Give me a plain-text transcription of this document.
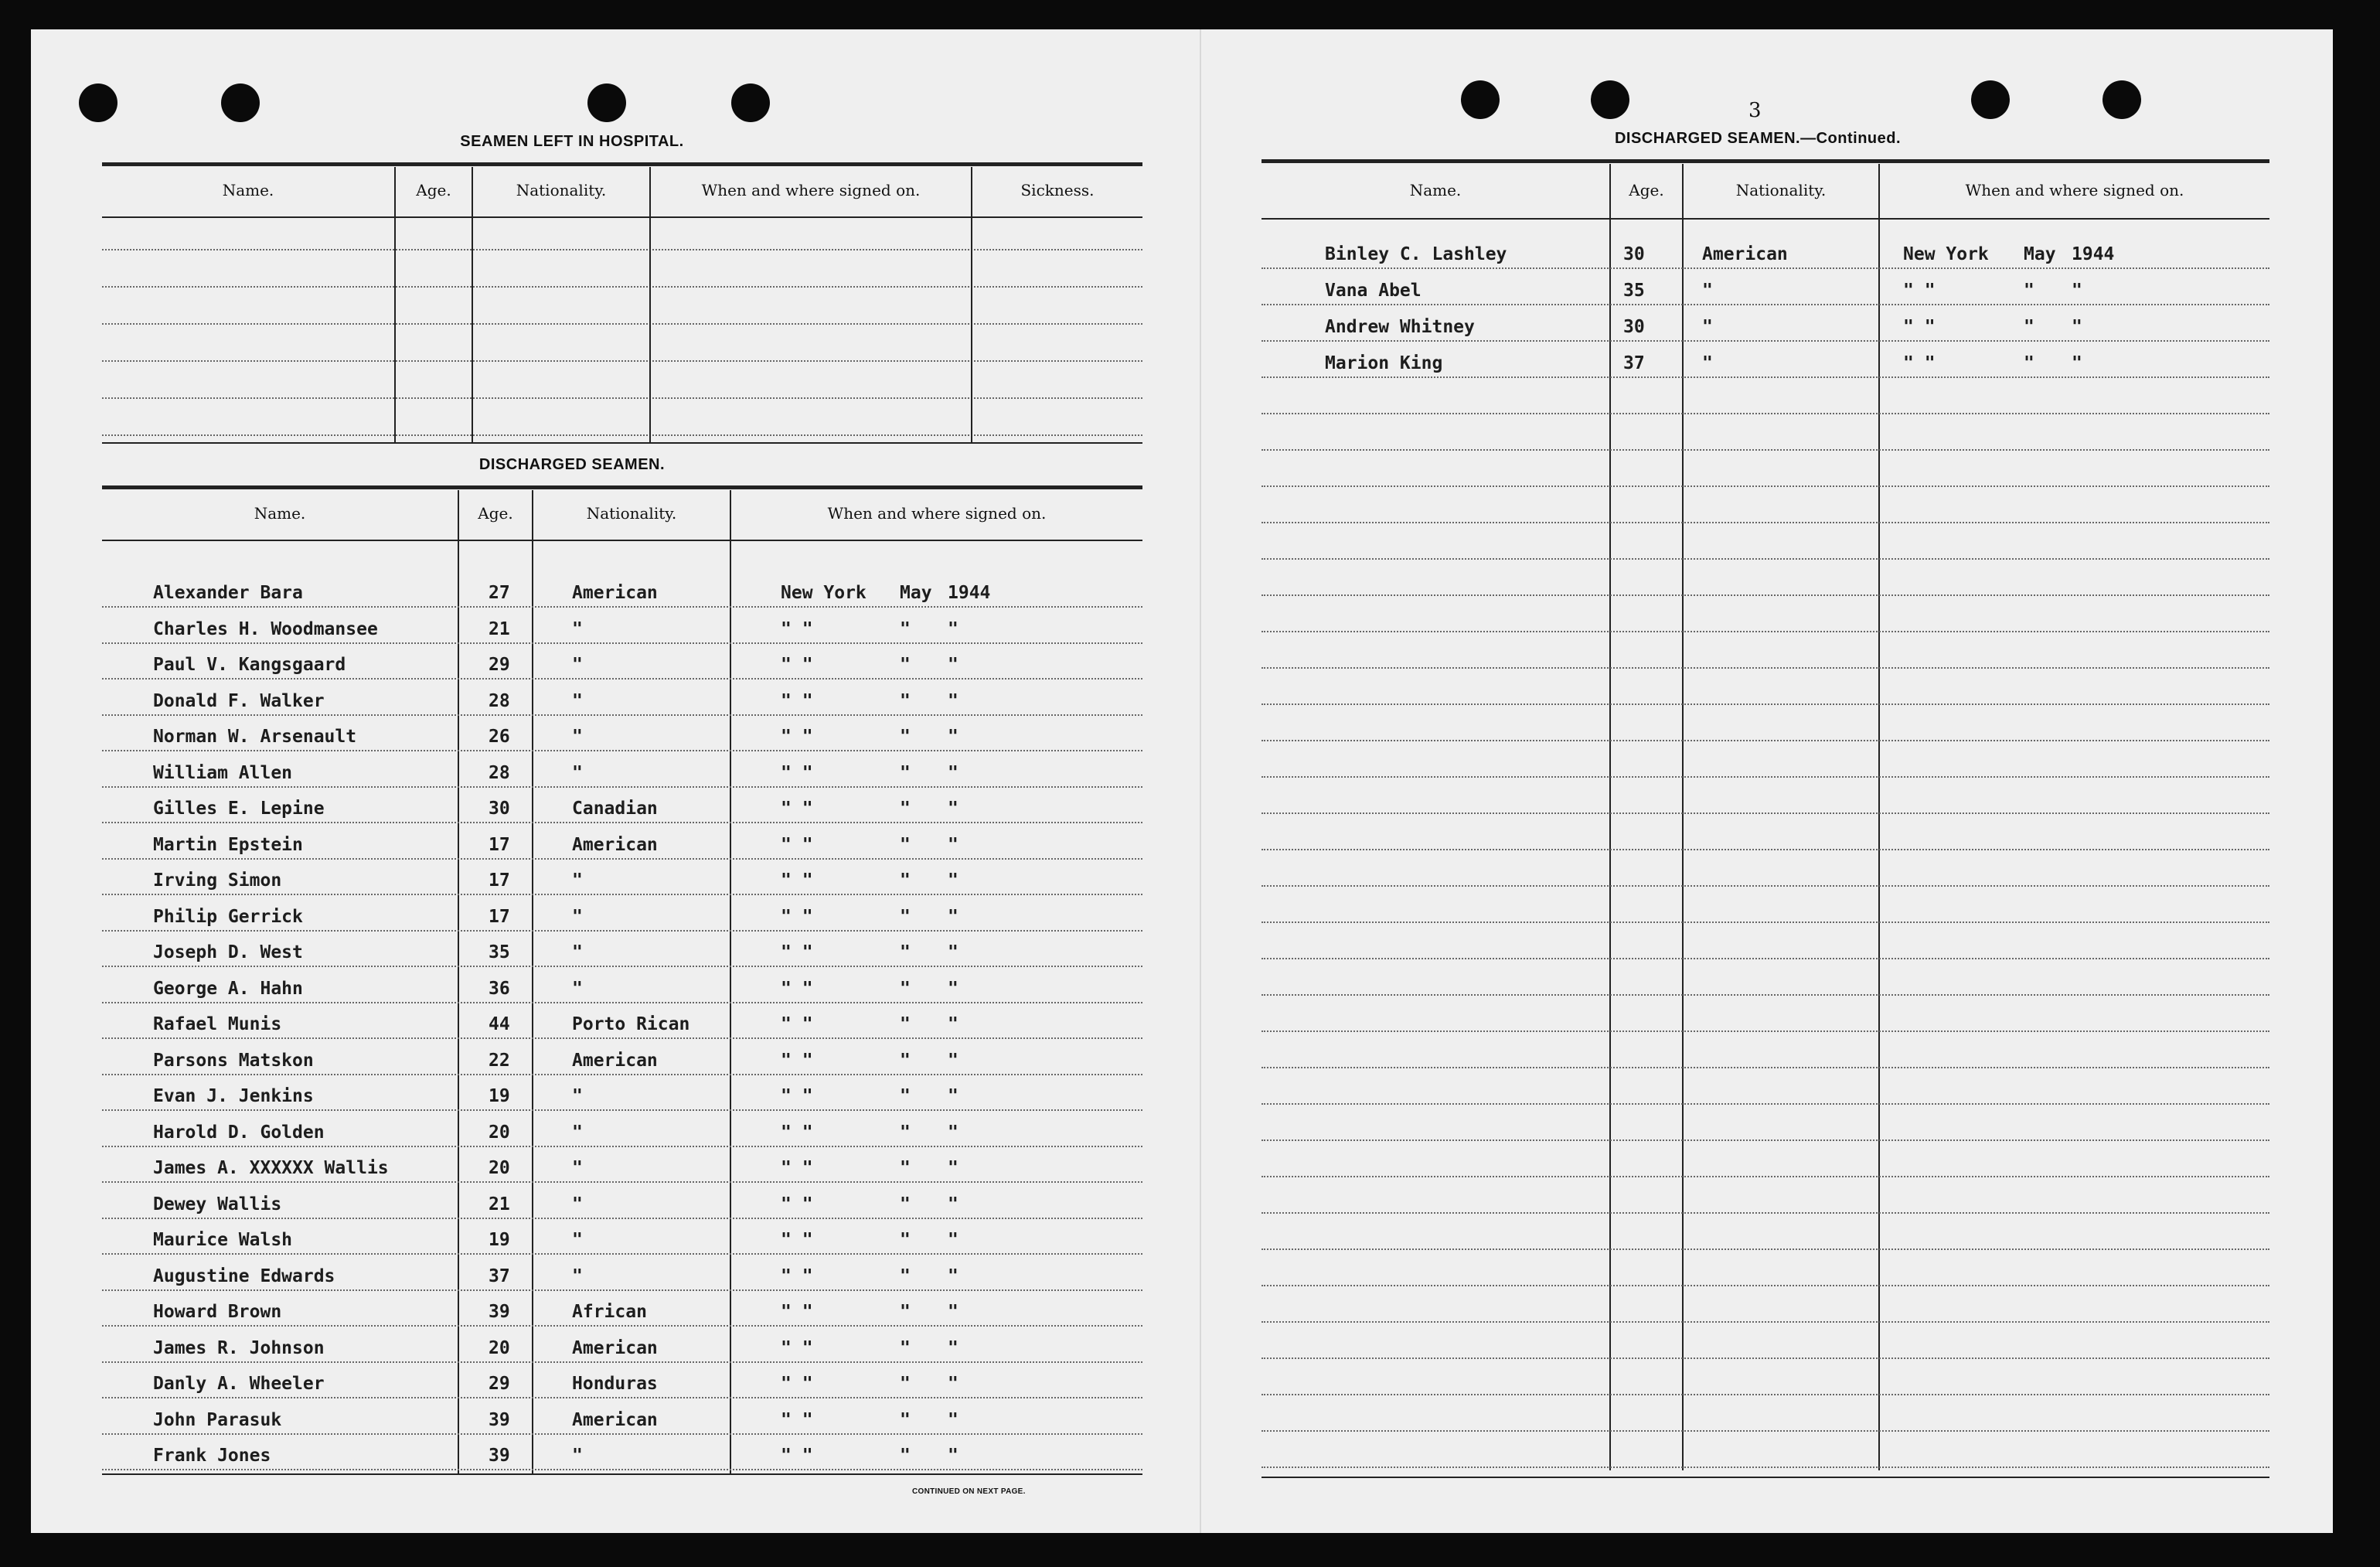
SEAMEN LEFT IN HOSPITAL.
Name.	Age.	Nationality.	When and where signed on.	Sickness.
DISCHARGED SEAMEN.
Name.	Age.	Nationality.	When and where signed on.
Alexander Bara	27	American	New York May 1944
Charles H. Woodmansee	21	"	" "	" "
Paul V. Kangsgaard	29	"	" "	" "
Donald F. Walker	28	"	" "	" "
Norman W. Arsenault	26	"	" "	" "
William Allen	28	"	" "	" "
Gilles E. Lepine	30	Canadian	" "	" "
Martin Epstein	17	American	" "	" "
Irving Simon	17	"	" "	" "
Philip Gerrick	17	"	" "	" "
Joseph D. West	35	"	" "	" "
George A. Hahn	36	"	" "	" "
Rafael Munis	44	Porto Rican	" "	" "
Parsons Matskon	22	American	" "	" "
Evan J. Jenkins	19	"	" "	" "
Harold D. Golden	20	"	" "	" "
James A. XXXXXX Wallis	20	"	" "	" "
Dewey Wallis	21	"	" "	" "
Maurice Walsh	19	"	" "	" "
Augustine Edwards	37	"	" "	" "
Howard Brown	39	African	" "	" "
James R. Johnson	20	American	" "	" "
Danly A. Wheeler	29	Honduras	" "	" "
John Parasuk	39	American	" "	" "
Frank Jones	39	"	" "	" "
CONTINUED ON NEXT PAGE.
3
DISCHARGED SEAMEN.—Continued.
Name.	Age.	Nationality.	When and where signed on.
Binley C. Lashley	30	American	New York May 1944
Vana Abel	35	"	" "	" "
Andrew Whitney	30	"	" "	" "
Marion King	37	"	" "	" "
